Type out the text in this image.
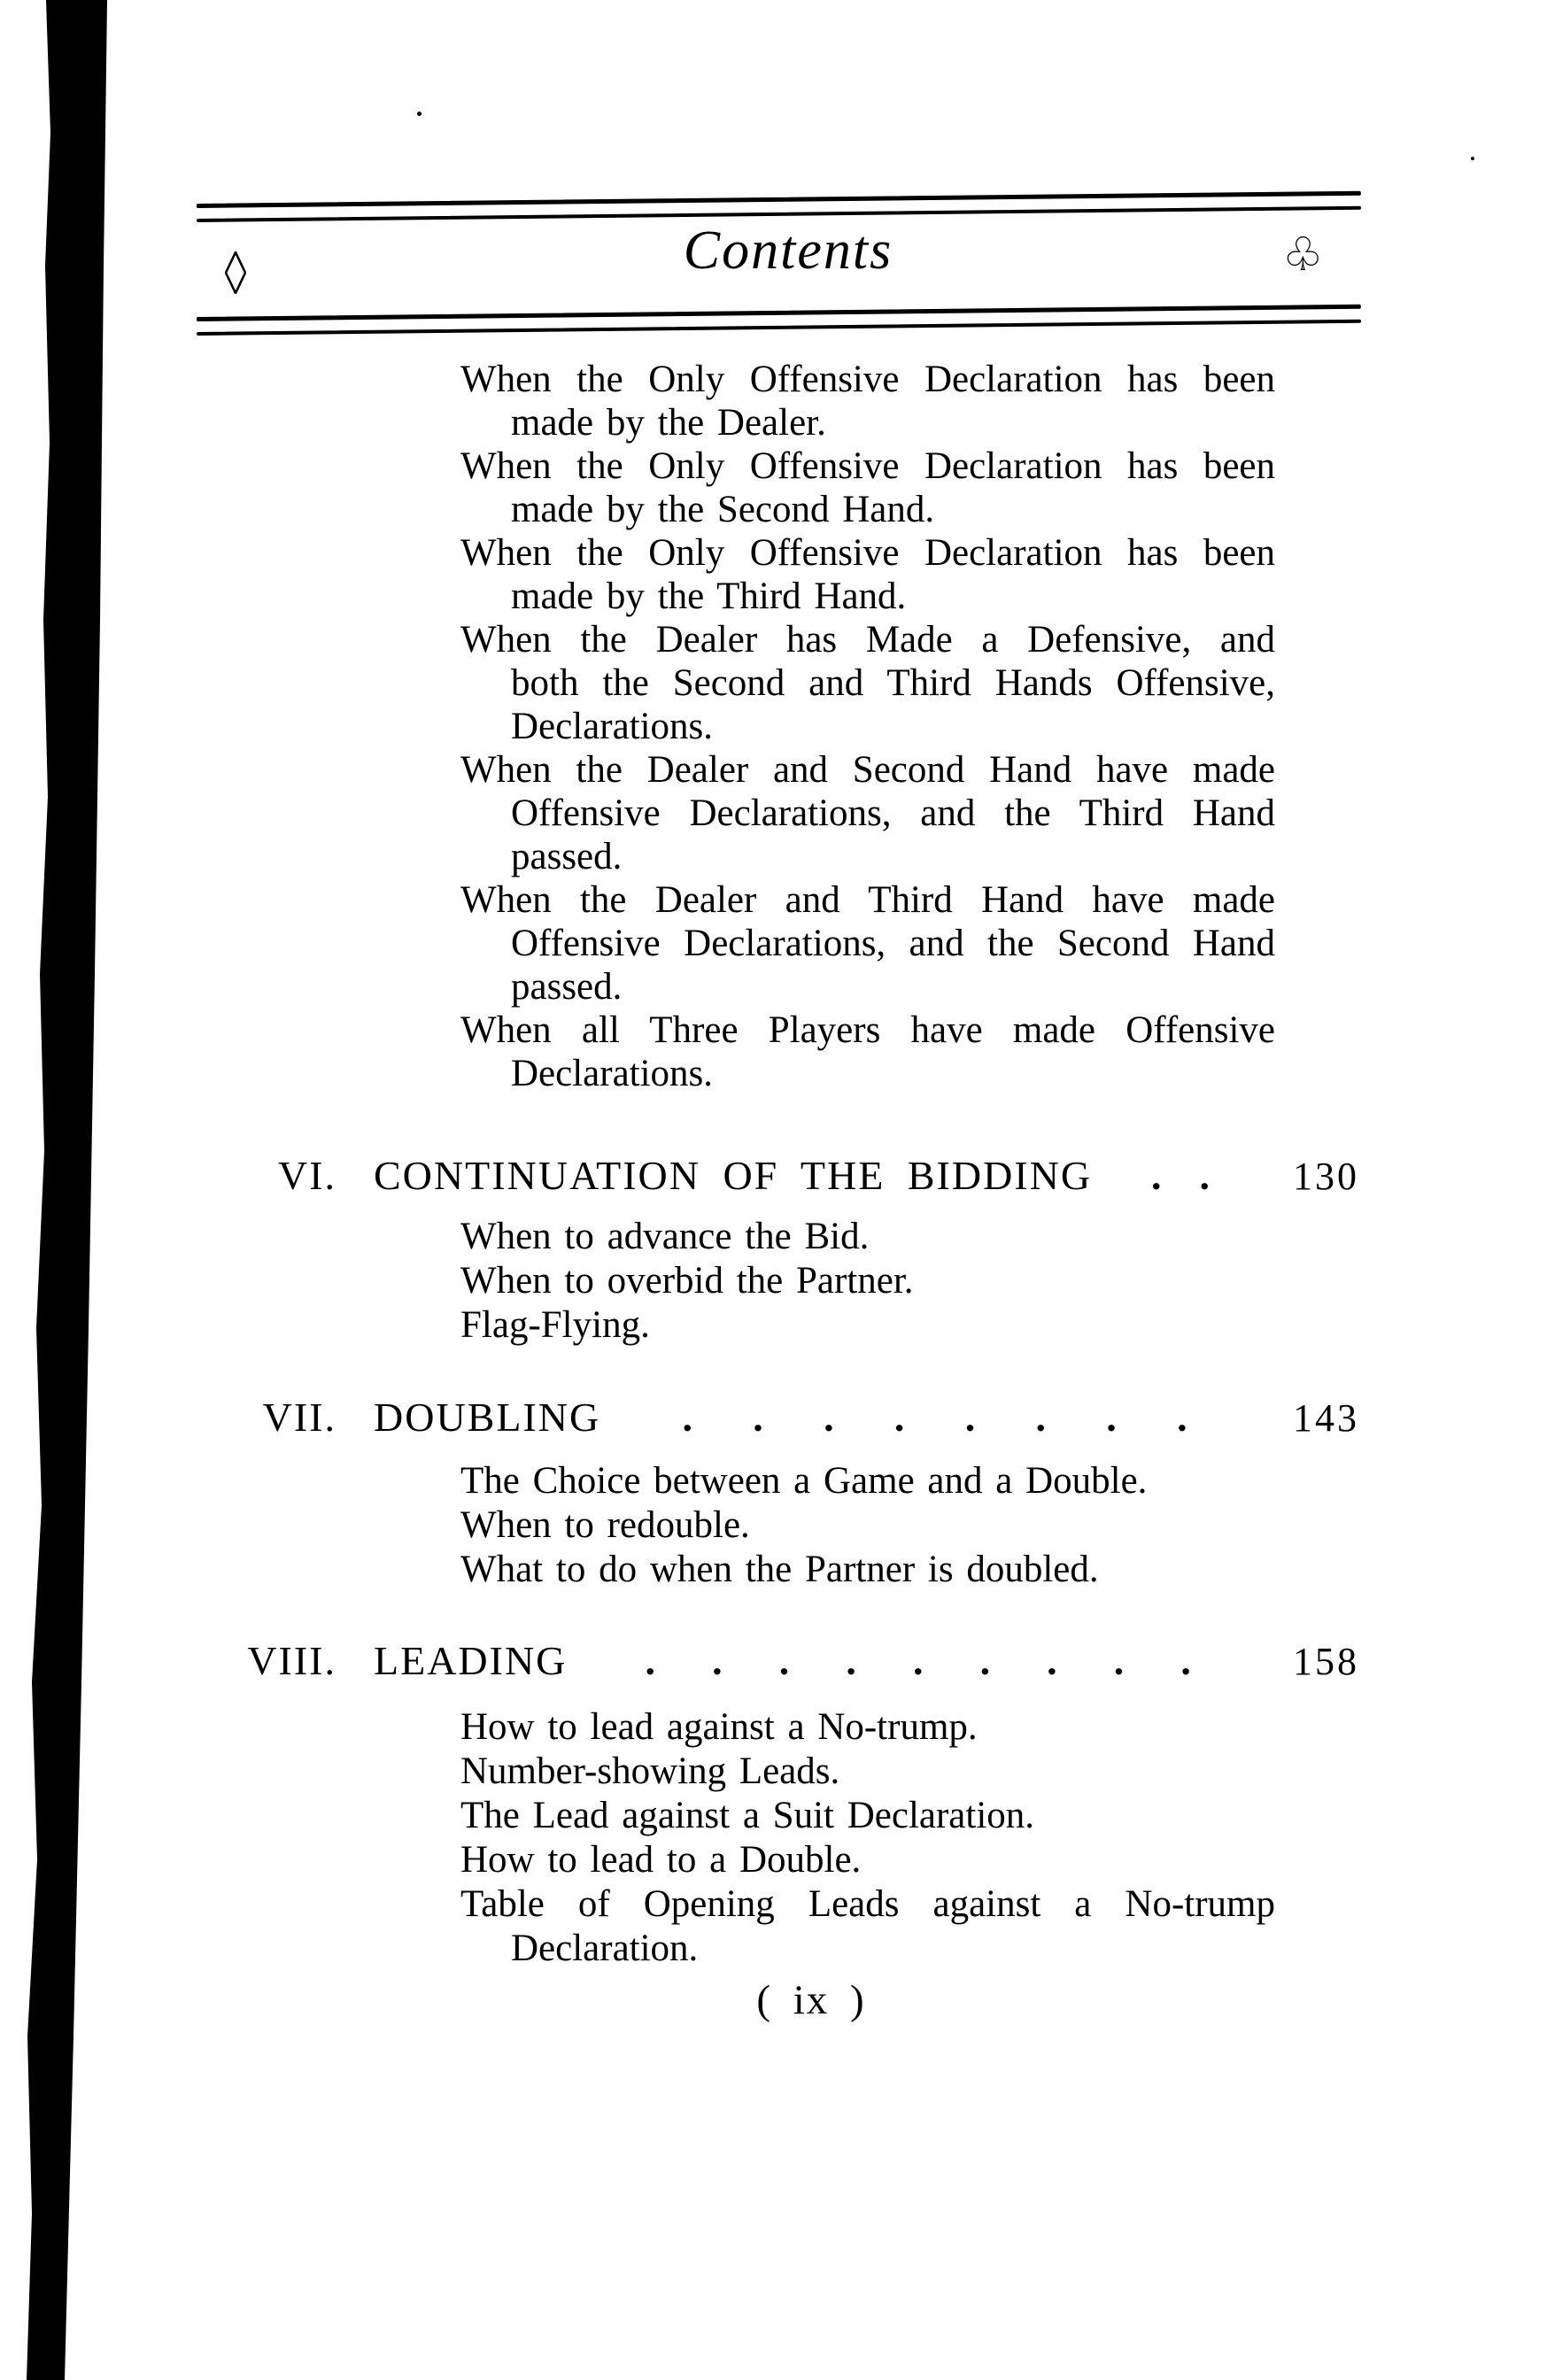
Contents	♧
When the Only Offensive Declaration has been
made by the Dealer.
When the Only Offensive Declaration has been
made by the Second Hand.
When the Only Offensive Declaration has been
made by the Third Hand.
When the Dealer has Made a Defensive, and
both the Second and Third Hands Offensive,
Declarations.
When the Dealer and Second Hand have made
Offensive Declarations, and the Third Hand
passed.
When the Dealer and Third Hand have made
Offensive Declarations, and the Second Hand
passed.
When all Three Players have made Offensive
Declarations.
VI. CONTINUATION OF THE BIDDING . .	130
When to advance the Bid.
When to overbid the Partner.
Flag-Flying.
VII. DOUBLING . . . . . . . .	143
The Choice between a Game and a Double.
When to redouble.
What to do when the Partner is doubled.
VIII. LEADING . . . . . . . . .	158
How to lead against a No-trump.
Number-showing Leads.
The Lead against a Suit Declaration.
How to lead to a Double.
Table of Opening Leads against a No-trump
Declaration.
( ix )
